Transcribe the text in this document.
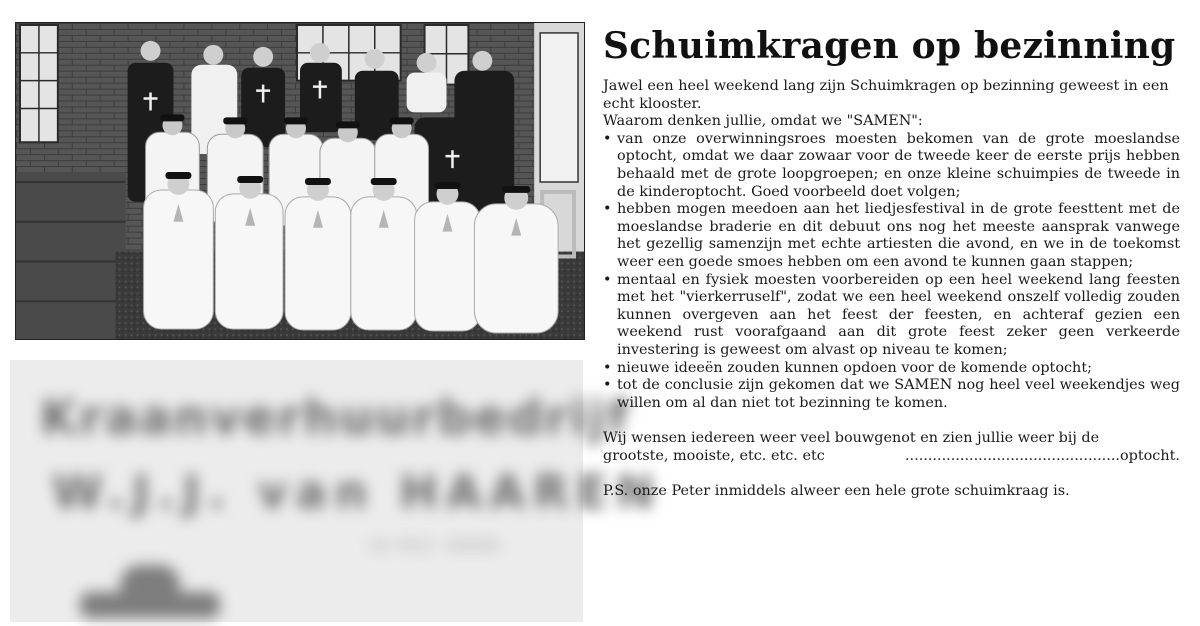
Kraanverhuurbedrijf
W.J.J. van HAAREN
tel. 0413 - 000000
Schuimkragen op bezinning

Jawel een heel weekend lang zijn Schuimkragen op bezinning geweest in een echt klooster.

Waarom denken jullie, omdat we "SAMEN":

• van onze overwinningsroes moesten bekomen van de grote moeslandse optocht, omdat we daar zowaar voor de tweede keer de eerste prijs hebben behaald met de grote loopgroepen; en onze kleine schuimpies de tweede in de kinderoptocht. Goed voorbeeld doet volgen;
• hebben mogen meedoen aan het liedjesfestival in de grote feesttent met de moeslandse braderie en dit debuut ons nog het meeste aansprak vanwege het gezellig samenzijn met echte artiesten die avond, en we in de toekomst weer een goede smoes hebben om een avond te kunnen gaan stappen;
• mentaal en fysiek moesten voorbereiden op een heel weekend lang feesten met het "vierkerruself", zodat we een heel weekend onszelf volledig zouden kunnen overgeven aan het feest der feesten, en achteraf gezien een weekend rust voorafgaand aan dit grote feest zeker geen verkeerde investering is geweest om alvast op niveau te komen;
• nieuwe ideeën zouden kunnen opdoen voor de komende optocht;
• tot de conclusie zijn gekomen dat we SAMEN nog heel veel weekendjes weg willen om al dan niet tot bezinning te komen.

Wij wensen iedereen weer veel bouwgenot en zien jullie weer bij de

grootste, mooiste, etc. etc. etc	...............................................optocht.

P.S. onze Peter inmiddels alweer een hele grote schuimkraag is.
